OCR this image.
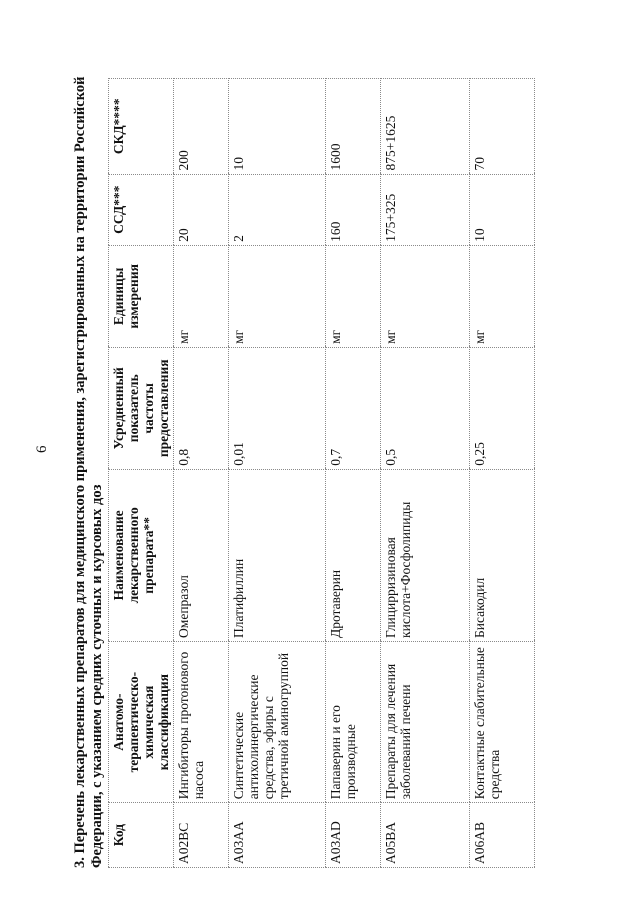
6 3. Перечень лекарственных препаратов для медицинского применения, зарегистрированных на территории Российской Федерации, с указанием средних суточных и курсовых доз Код	Анатомо-терапевтическо-химическая классификация	Наименование лекарственного препарата**	Усредненный показатель частоты предоставления	Единицы измерения	ССД***	СКД****
A02BC	Ингибиторы протонового насоса	Омепразол	0,8	мг	20	200
A03AA	Синтетические антихолинергические средства, эфиры с третичной аминогруппой	Платифиллин	0,01	мг	2	10
A03AD	Папаверин и его производные	Дротаверин	0,7	мг	160	1600
A05BA	Препараты для лечения заболеваний печени	Глицирризиновая кислота+Фосфолипиды	0,5	мг	175+325	875+1625
A06AB	Контактные слабительные средства	Бисакодил	0,25	мг	10	70
